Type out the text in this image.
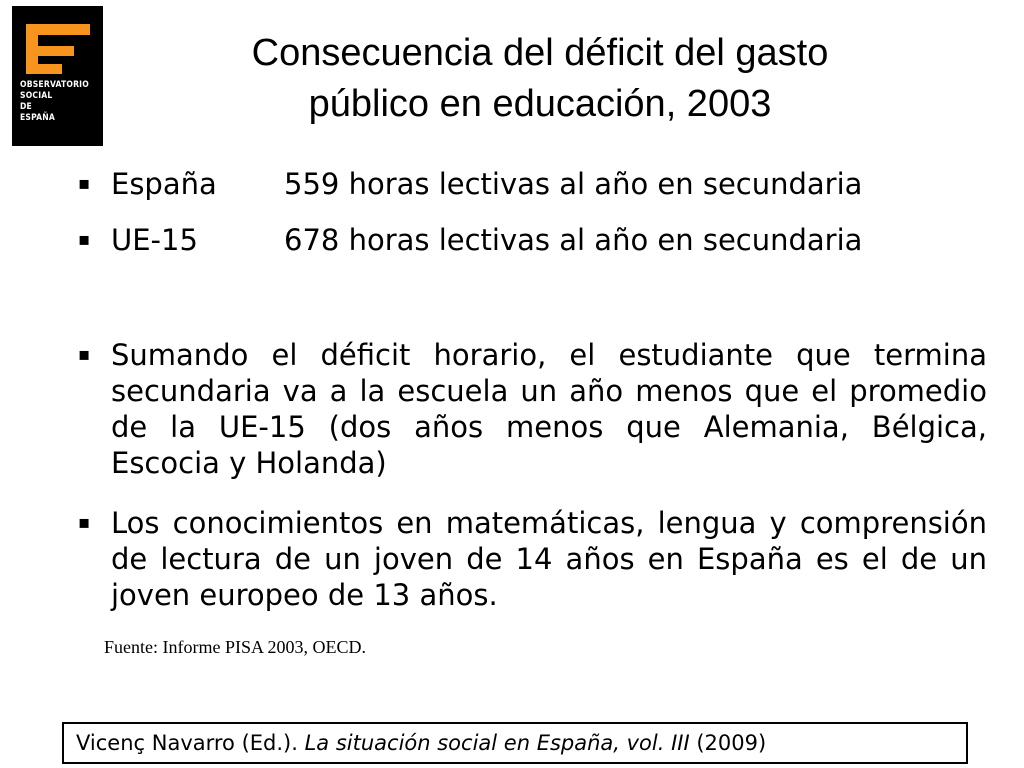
OBSERVATORIO
SOCIAL
DE
ESPAÑA
Consecuencia del déficit del gasto
público en educación, 2003
▪ España 559 horas lectivas al año en secundaria
▪ UE-15	678 horas lectivas al año en secundaria
▪ Sumando el déficit horario, el estudiante que termina secundaria va a la escuela un año menos que el promedio de la UE-15 (dos años menos que Alemania, Bélgica, Escocia y Holanda)
▪ Los conocimientos en matemáticas, lengua y comprensión de lectura de un joven de 14 años en España es el de un joven europeo de 13 años.
Fuente: Informe PISA 2003, OECD.
Vicenç Navarro (Ed.). La situación social en España, vol. III (2009)
